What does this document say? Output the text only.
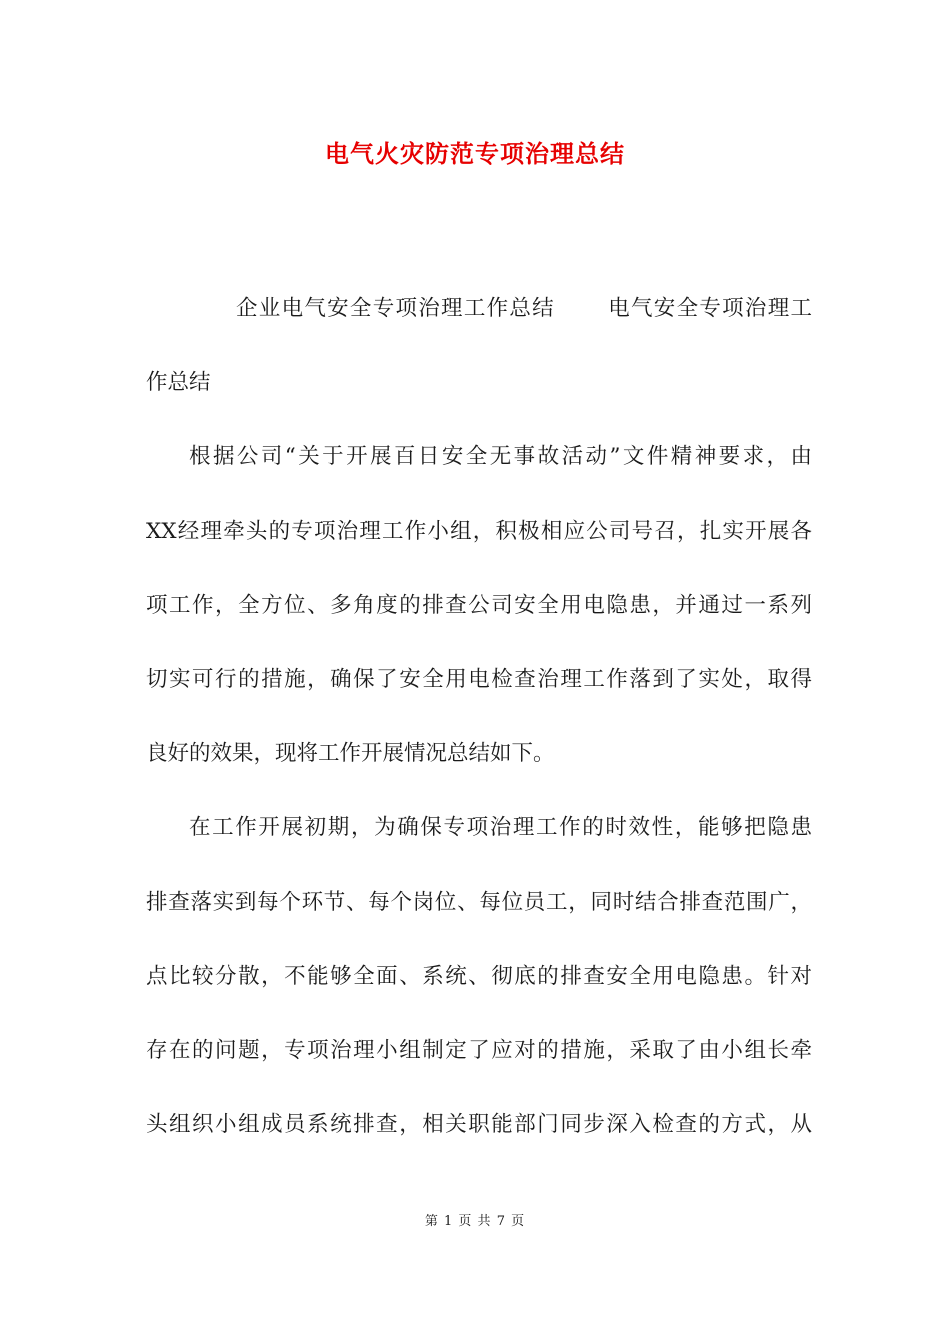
电气火灾防范专项治理总结
企业电气安全专项治理工作总结 电气安全专项治理工
作总结
根据公司“关于开展百日安全无事故活动”文件精神要求，由
XX经理牵头的专项治理工作小组，积极相应公司号召，扎实开展各
项工作，全方位、多角度的排查公司安全用电隐患，并通过一系列
切实可行的措施，确保了安全用电检查治理工作落到了实处，取得
良好的效果，现将工作开展情况总结如下。
在工作开展初期，为确保专项治理工作的时效性，能够把隐患
排查落实到每个环节、每个岗位、每位员工，同时结合排查范围广，
点比较分散，不能够全面、系统、彻底的排查安全用电隐患。针对
存在的问题，专项治理小组制定了应对的措施，采取了由小组长牵
头组织小组成员系统排查，相关职能部门同步深入检查的方式，从
第 1 页 共 7 页
